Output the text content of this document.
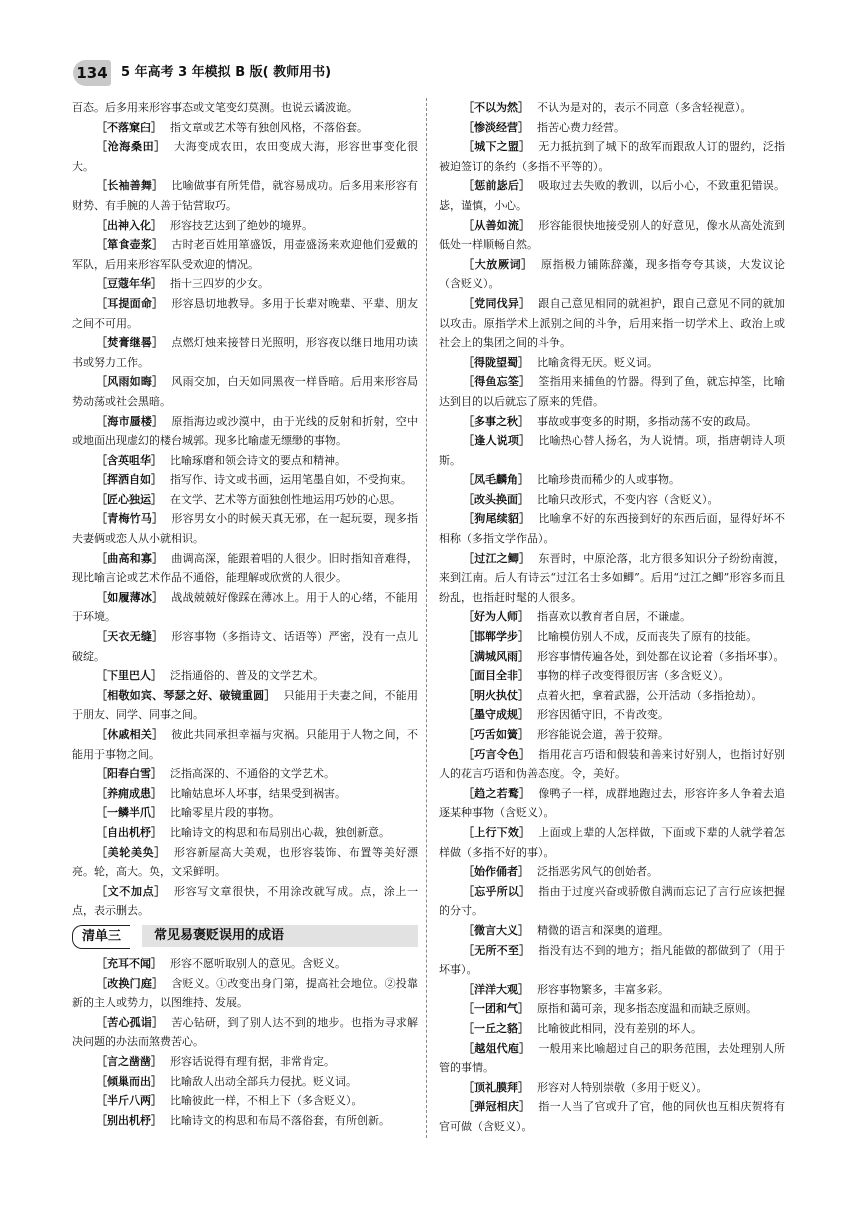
134 5 年高考 3 年模拟 B 版( 教师用书)

百态。后多用来形容事态或文笔变幻莫测。也说云谲波诡。

［不落窠臼］ 指文章或艺术等有独创风格，不落俗套。

［沧海桑田］ 大海变成农田，农田变成大海，形容世事变化很大。

［长袖善舞］ 比喻做事有所凭借，就容易成功。后多用来形容有财势、有手腕的人善于钻营取巧。

［出神入化］ 形容技艺达到了绝妙的境界。

［箪食壶浆］ 古时老百姓用箪盛饭，用壶盛汤来欢迎他们爱戴的军队，后用来形容军队受欢迎的情况。

［豆蔻年华］ 指十三四岁的少女。

［耳提面命］ 形容恳切地教导。多用于长辈对晚辈、平辈、朋友之间不可用。

［焚膏继晷］ 点燃灯烛来接替日光照明，形容夜以继日地用功读书或努力工作。

［风雨如晦］ 风雨交加，白天如同黑夜一样昏暗。后用来形容局势动荡或社会黑暗。

［海市蜃楼］ 原指海边或沙漠中，由于光线的反射和折射，空中或地面出现虚幻的楼台城郭。现多比喻虚无缥缈的事物。

［含英咀华］ 比喻琢磨和领会诗文的要点和精神。

［挥洒自如］ 指写作、诗文或书画，运用笔墨自如，不受拘束。

［匠心独运］ 在文学、艺术等方面独创性地运用巧妙的心思。

［青梅竹马］ 形容男女小的时候天真无邪，在一起玩耍，现多指夫妻俩或恋人从小就相识。

［曲高和寡］ 曲调高深，能跟着唱的人很少。旧时指知音难得，现比喻言论或艺术作品不通俗，能理解或欣赏的人很少。

［如履薄冰］ 战战兢兢好像踩在薄冰上。用于人的心绪，不能用于环境。

［天衣无缝］ 形容事物（多指诗文、话语等）严密，没有一点儿破绽。

［下里巴人］ 泛指通俗的、普及的文学艺术。

［相敬如宾、琴瑟之好、破镜重圆］ 只能用于夫妻之间，不能用于朋友、同学、同事之间。

［休戚相关］ 彼此共同承担幸福与灾祸。只能用于人物之间，不能用于事物之间。

［阳春白雪］ 泛指高深的、不通俗的文学艺术。

［养痈成患］ 比喻姑息坏人坏事，结果受到祸害。

［一鳞半爪］ 比喻零星片段的事物。

［自出机杼］ 比喻诗文的构思和布局别出心裁，独创新意。

［美轮美奂］ 形容新屋高大美观，也形容装饰、布置等美好漂亮。轮，高大。奂，文采鲜明。

［文不加点］ 形容写文章很快，不用涂改就写成。点，涂上一点，表示删去。

清单三	常见易褒贬误用的成语

［充耳不闻］ 形容不愿听取别人的意见。含贬义。

［改换门庭］ 含贬义。①改变出身门第，提高社会地位。②投靠新的主人或势力，以图维持、发展。

［苦心孤诣］ 苦心钻研，到了别人达不到的地步。也指为寻求解决问题的办法而煞费苦心。

［言之凿凿］ 形容话说得有理有据，非常肯定。

［倾巢而出］ 比喻敌人出动全部兵力侵扰。贬义词。

［半斤八两］ 比喻彼此一样，不相上下（多含贬义）。

［别出机杼］ 比喻诗文的构思和布局不落俗套，有所创新。

［不以为然］ 不认为是对的，表示不同意（多含轻视意）。

［惨淡经营］ 指苦心费力经营。

［城下之盟］ 无力抵抗到了城下的敌军而跟敌人订的盟约，泛指被迫签订的条约（多指不平等的）。

［惩前毖后］ 吸取过去失败的教训，以后小心，不致重犯错误。毖，谨慎，小心。

［从善如流］ 形容能很快地接受别人的好意见，像水从高处流到低处一样顺畅自然。

［大放厥词］ 原指极力铺陈辞藻，现多指夸夸其谈，大发议论（含贬义）。

［党同伐异］ 跟自己意见相同的就袒护，跟自己意见不同的就加以攻击。原指学术上派别之间的斗争，后用来指一切学术上、政治上或社会上的集团之间的斗争。

［得陇望蜀］ 比喻贪得无厌。贬义词。

［得鱼忘筌］ 筌指用来捕鱼的竹器。得到了鱼，就忘掉筌，比喻达到目的以后就忘了原来的凭借。

［多事之秋］ 事故或事变多的时期，多指动荡不安的政局。

［逢人说项］ 比喻热心替人扬名，为人说情。项，指唐朝诗人项斯。

［凤毛麟角］ 比喻珍贵而稀少的人或事物。

［改头换面］ 比喻只改形式，不变内容（含贬义）。

［狗尾续貂］ 比喻拿不好的东西接到好的东西后面，显得好坏不相称（多指文学作品）。

［过江之鲫］ 东晋时，中原沦落，北方很多知识分子纷纷南渡，来到江南。后人有诗云“过江名士多如鲫”。后用“过江之鲫”形容多而且纷乱，也指赶时髦的人很多。

［好为人师］ 指喜欢以教育者自居，不谦虚。

［邯郸学步］ 比喻模仿别人不成，反而丧失了原有的技能。

［满城风雨］ 形容事情传遍各处，到处都在议论着（多指坏事）。

［面目全非］ 事物的样子改变得很厉害（多含贬义）。

［明火执仗］ 点着火把，拿着武器，公开活动（多指抢劫）。

［墨守成规］ 形容因循守旧，不肯改变。

［巧舌如簧］ 形容能说会道，善于狡辩。

［巧言令色］ 指用花言巧语和假装和善来讨好别人，也指讨好别人的花言巧语和伪善态度。令，美好。

［趋之若鹜］ 像鸭子一样，成群地跑过去，形容许多人争着去追逐某种事物（含贬义）。

［上行下效］ 上面或上辈的人怎样做，下面或下辈的人就学着怎样做（多指不好的事）。

［始作俑者］ 泛指恶劣风气的创始者。

［忘乎所以］ 指由于过度兴奋或骄傲自满而忘记了言行应该把握的分寸。

［微言大义］ 精微的语言和深奥的道理。

［无所不至］ 指没有达不到的地方；指凡能做的都做到了（用于坏事）。

［洋洋大观］ 形容事物繁多，丰富多彩。

［一团和气］ 原指和蔼可亲，现多指态度温和而缺乏原则。

［一丘之貉］ 比喻彼此相同，没有差别的坏人。

［越俎代庖］ 一般用来比喻超过自己的职务范围，去处理别人所管的事情。

［顶礼膜拜］ 形容对人特别崇敬（多用于贬义）。

［弹冠相庆］ 指一人当了官或升了官，他的同伙也互相庆贺将有官可做（含贬义）。
